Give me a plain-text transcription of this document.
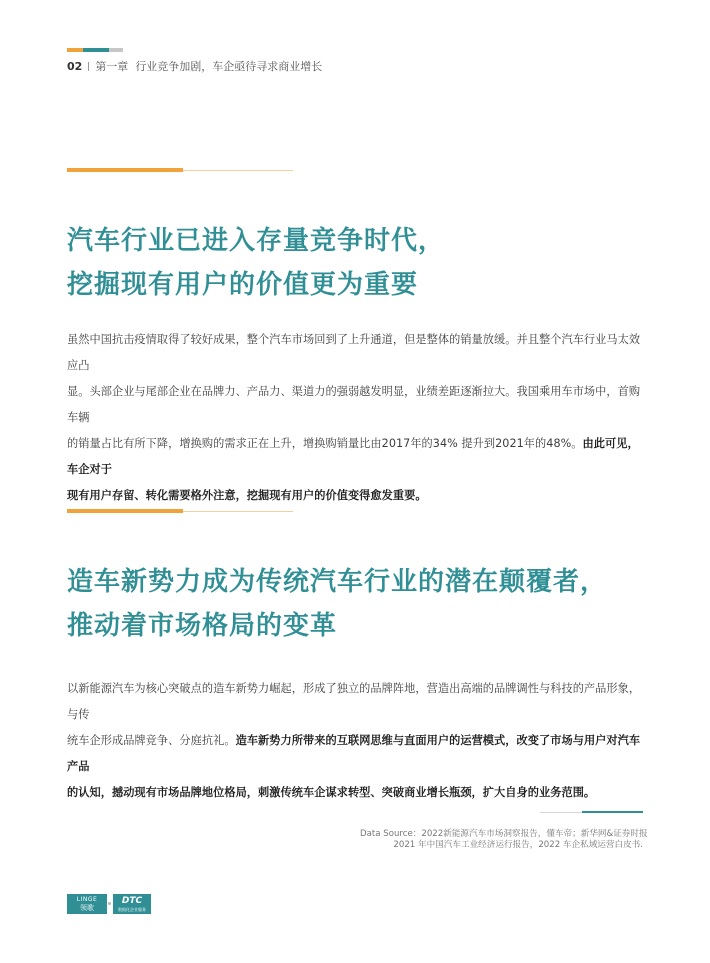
02 第一章 行业竞争加剧，车企亟待寻求商业增长
汽车行业已进入存量竞争时代，
挖掘现有用户的价值更为重要
虽然中国抗击疫情取得了较好成果，整个汽车市场回到了上升通道，但是整体的销量放缓。并且整个汽车行业马太效应凸
显。头部企业与尾部企业在品牌力、产品力、渠道力的强弱越发明显，业绩差距逐渐拉大。我国乘用车市场中，首购车辆
的销量占比有所下降，增换购的需求正在上升，增换购销量比由2017年的34% 提升到2021年的48%。由此可见，车企对于
现有用户存留、转化需要格外注意，挖掘现有用户的价值变得愈发重要。
造车新势力成为传统汽车行业的潜在颠覆者，
推动着市场格局的变革
以新能源汽车为核心突破点的造车新势力崛起，形成了独立的品牌阵地，营造出高端的品牌调性与科技的产品形象，与传
统车企形成品牌竞争、分庭抗礼。造车新势力所带来的互联网思维与直面用户的运营模式，改变了市场与用户对汽车产品
的认知，撼动现有市场品牌地位格局，刺激传统车企谋求转型、突破商业增长瓶颈，扩大自身的业务范围。
Data Source：2022新能源汽车市场洞察报告，懂车帝；新华网&证券时报
2021 年中国汽车工业经济运行报告，2022 车企私域运营白皮书.
LINGE
领歌
DTC
数据化企业服务
